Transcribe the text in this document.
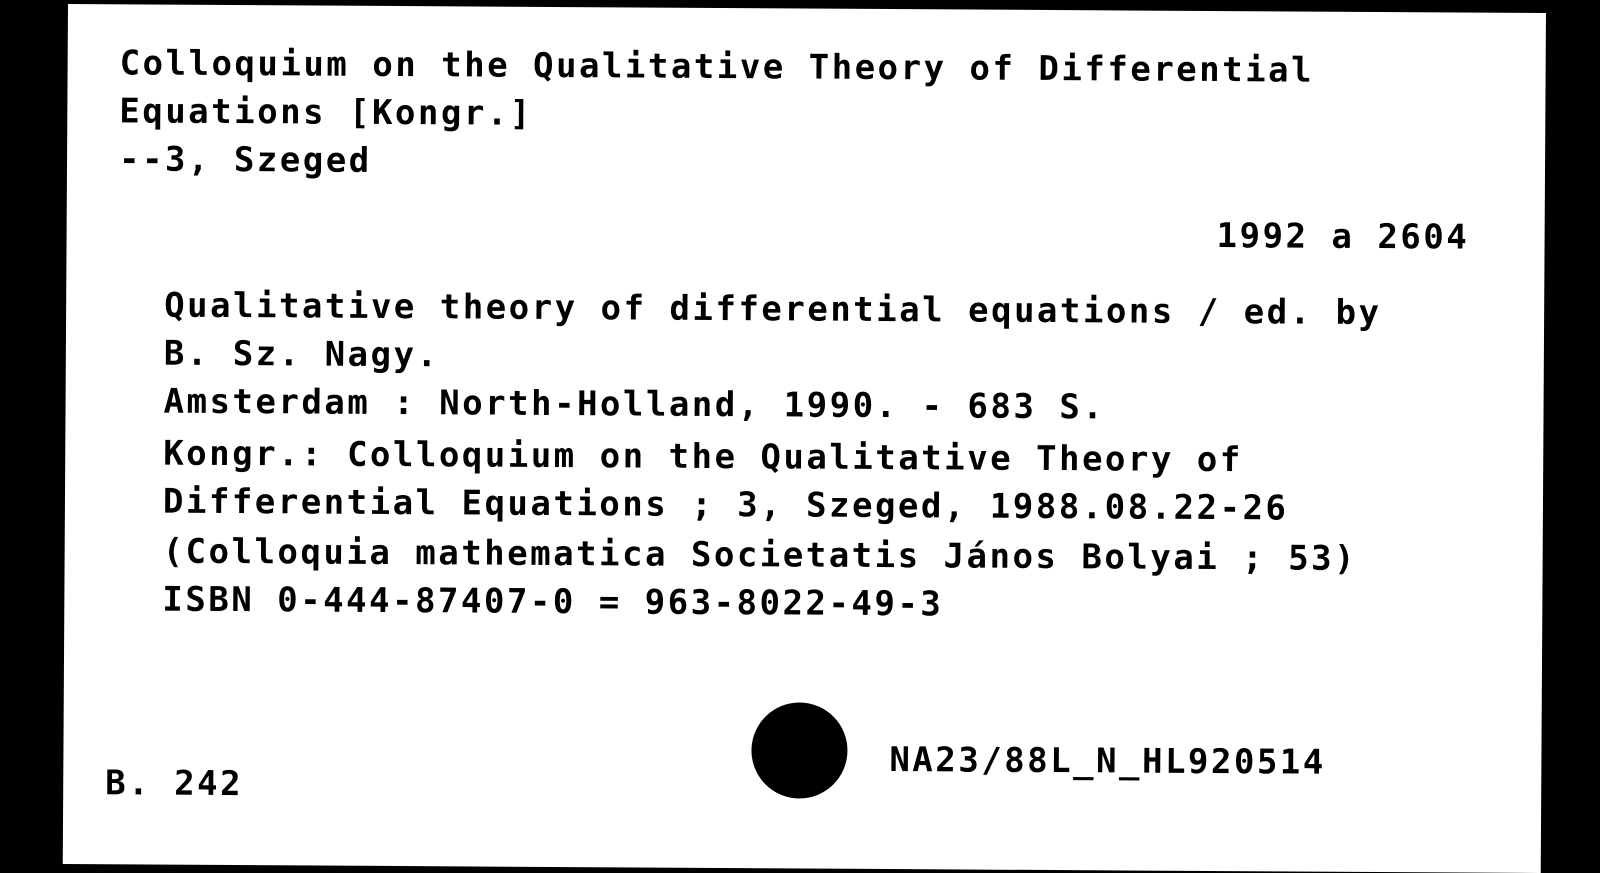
Colloquium on the Qualitative Theory of Differential

Equations [Kongr.]

--3, Szeged

1992 a 2604

Qualitative theory of differential equations / ed. by

B. Sz. Nagy.

Amsterdam : North-Holland, 1990. - 683 S.

Kongr.: Colloquium on the Qualitative Theory of

Differential Equations ; 3, Szeged, 1988.08.22-26

(Colloquia mathematica Societatis János Bolyai ; 53)

ISBN 0-444-87407-0 = 963-8022-49-3

B. 242

NA23/88L_N_HL920514
